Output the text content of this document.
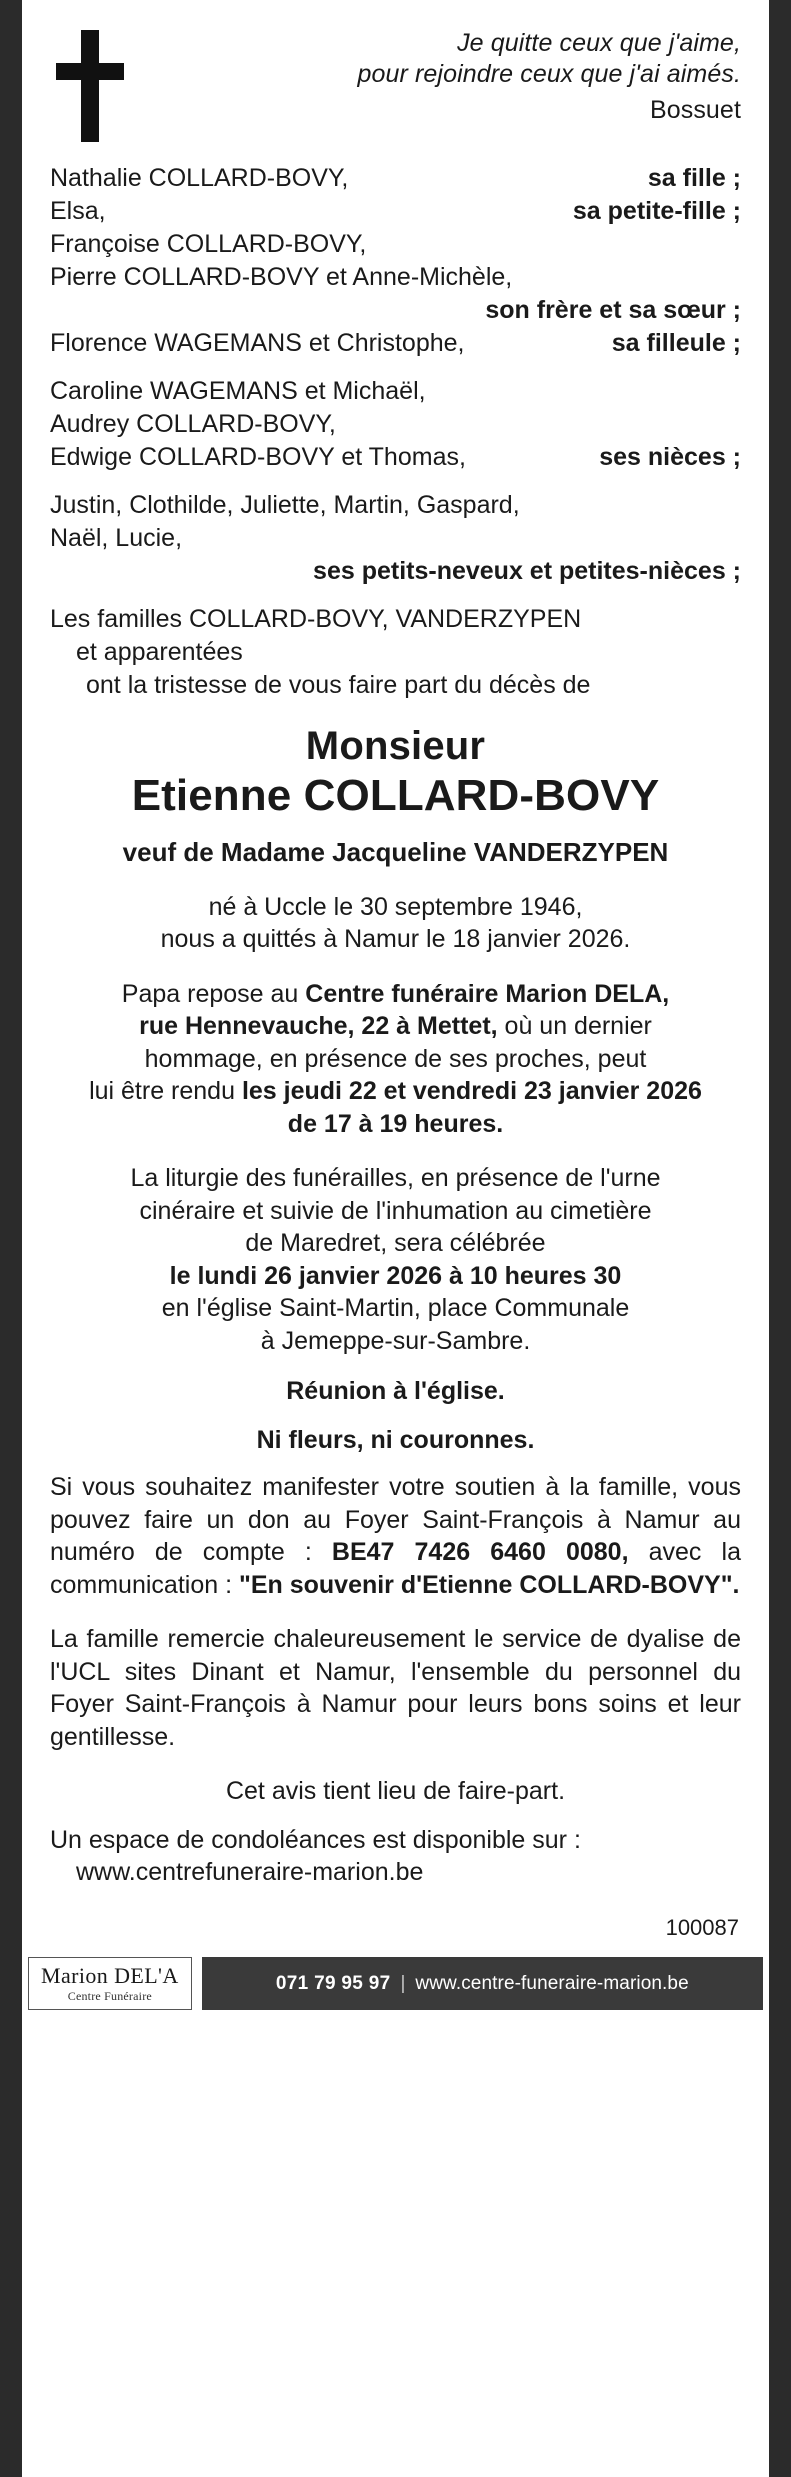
Je quitte ceux que j'aime,
pour rejoindre ceux que j'ai aimés.
Bossuet
Nathalie COLLARD-BOVY,	sa fille ;
Elsa,	sa petite-fille ;
Françoise COLLARD-BOVY,
Pierre COLLARD-BOVY et Anne-Michèle,
son frère et sa sœur ;
Florence WAGEMANS et Christophe,	sa filleule ;
Caroline WAGEMANS et Michaël,
Audrey COLLARD-BOVY,
Edwige COLLARD-BOVY et Thomas,	ses nièces ;
Justin, Clothilde, Juliette, Martin, Gaspard,
Naël, Lucie,
ses petits-neveux et petites-nièces ;
Les familles COLLARD-BOVY, VANDERZYPEN
et apparentées
ont la tristesse de vous faire part du décès de
Monsieur
Etienne COLLARD-BOVY
veuf de Madame Jacqueline VANDERZYPEN
né à Uccle le 30 septembre 1946,
nous a quittés à Namur le 18 janvier 2026.
Papa repose au Centre funéraire Marion DELA,
rue Hennevauche, 22 à Mettet, où un dernier
hommage, en présence de ses proches, peut
lui être rendu les jeudi 22 et vendredi 23 janvier 2026
de 17 à 19 heures.
La liturgie des funérailles, en présence de l'urne
cinéraire et suivie de l'inhumation au cimetière
de Maredret, sera célébrée
le lundi 26 janvier 2026 à 10 heures 30
en l'église Saint-Martin, place Communale
à Jemeppe-sur-Sambre.
Réunion à l'église.
Ni fleurs, ni couronnes.
Si vous souhaitez manifester votre soutien à la famille, vous pouvez faire un don au Foyer Saint-François à Namur au numéro de compte : BE47 7426 6460 0080, avec la communication : "En souvenir d'Etienne COLLARD-BOVY".
La famille remercie chaleureusement le service de dyalise de l'UCL sites Dinant et Namur, l'ensemble du personnel du Foyer Saint-François à Namur pour leurs bons soins et leur gentillesse.
Cet avis tient lieu de faire-part.
Un espace de condoléances est disponible sur :
www.centrefuneraire-marion.be
100087
Marion DEL'A
Centre Funéraire
071 79 95 97 | www.centre-funeraire-marion.be
